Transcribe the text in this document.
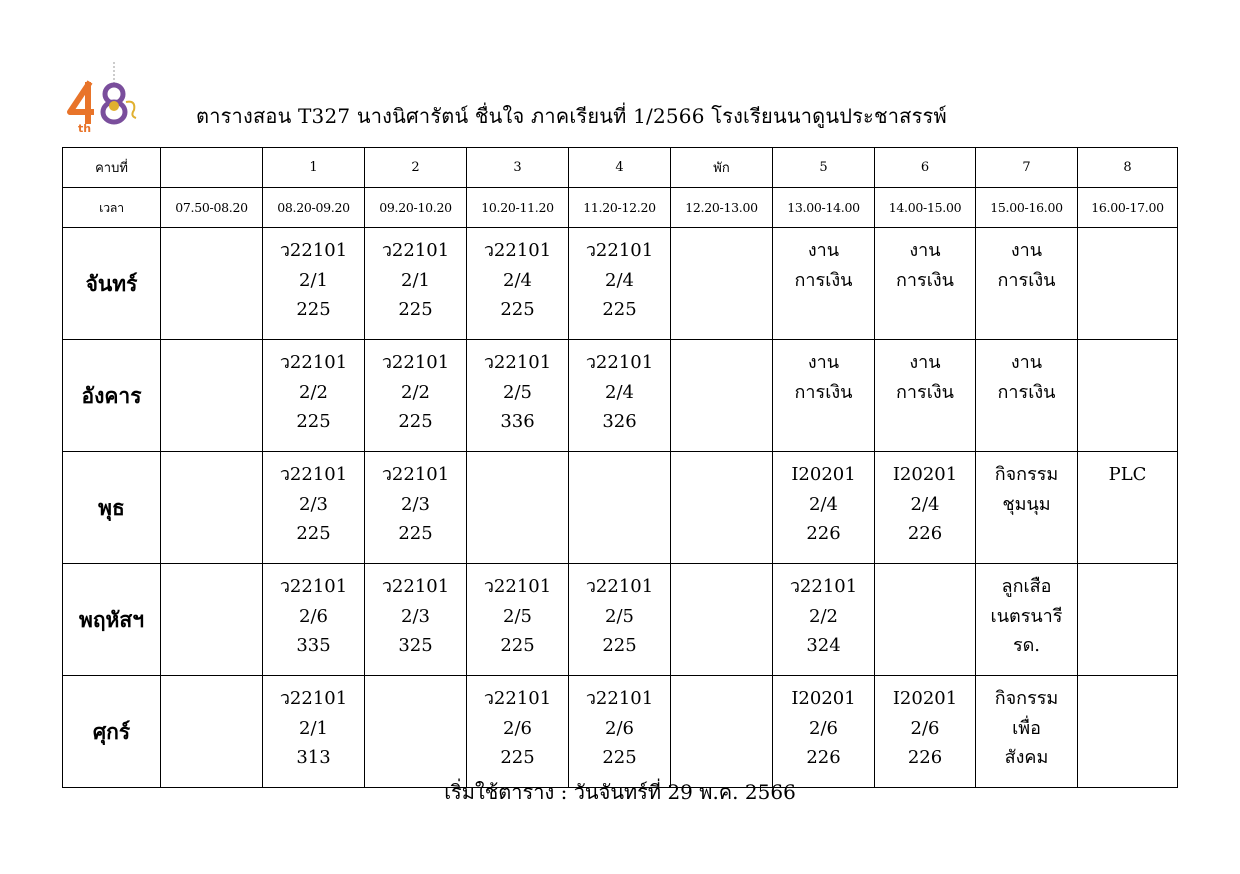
th
ตารางสอน T327 นางนิศารัตน์ ชื่นใจ ภาคเรียนที่ 1/2566 โรงเรียนนาดูนประชาสรรพ์
คาบที่		1	2	3	4	พัก	5	6	7	8
เวลา	07.50-08.20	08.20-09.20	09.20-10.20	10.20-11.20	11.20-12.20	12.20-13.00	13.00-14.00	14.00-15.00	15.00-16.00	16.00-17.00
จันทร์		ว22101
2/1
225	ว22101
2/1
225	ว22101
2/4
225	ว22101
2/4
225		งาน
การเงิน	งาน
การเงิน	งาน
การเงิน	

อังคาร		ว22101
2/2
225	ว22101
2/2
225	ว22101
2/5
336	ว22101
2/4
326		งาน
การเงิน	งาน
การเงิน	งาน
การเงิน	

พุธ		ว22101
2/3
225	ว22101
2/3
225				I20201
2/4
226	I20201
2/4
226	กิจกรรม
ชุมนุม	PLC

พฤหัสฯ		ว22101
2/6
335	ว22101
2/3
325	ว22101
2/5
225	ว22101
2/5
225		ว22101
2/2
324		ลูกเสือ
เนตรนารี
รด.	

ศุกร์		ว22101
2/1
313		ว22101
2/6
225	ว22101
2/6
225		I20201
2/6
226	I20201
2/6
226	กิจกรรม
เพื่อ
สังคม	

เริ่มใช้ตาราง : วันจันทร์ที่ 29 พ.ค. 2566
